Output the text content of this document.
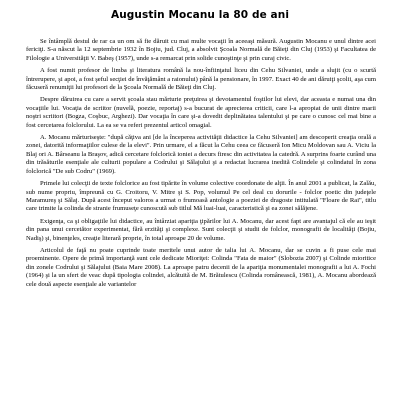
Augustin Mocanu la 80 de ani

Se întâmplă destul de rar ca un om să fie dăruit cu mai multe vocaţii în aceeaşi măsură. Augustin Mocanu e unul dintre acei fericiţi. S-a născut la 12 septembrie 1932 în Bojiu, jud. Cluj, a absolvit Şcoala Normală de Băieţi din Cluj (1953) şi Facultatea de Filologie a Universităţii V. Babeş (1957), unde s-a remarcat prin solide cunoştinţe şi prin curaj civic.

A fost numit profesor de limba şi literatura română la nou-înfiinţatul liceu din Cehu Silvaniei, unde a slujit (cu o scurtă întrerupere, şi apoi, a fost şeful secţiei de învăţământ a raionului) până la pensionare, în 1997. Exact 40 de ani dăruiţi şcolii, aşa cum făcuseră renumiţii lui profesori de la Şcoala Normală de Băieţi din Cluj.

Despre dăruirea cu care a servit şcoala stau mărturie preţuirea şi devotamentul foştilor lui elevi, dar aceasta e numai una din vocaţiile lui. Vocaţia de scriitor (nuvelă, poezie, reportaj) s-a bucurat de aprecierea criticii, care l-a apropiat de unii dintre marii noştri scriitori (Bogza, Coşbuc, Arghezi). Dar vocaţia în care şi-a dovedit deplinătatea talentului şi pe care o cunosc cel mai bine a fost cercetarea folclorului. La ea se va referi prezentul articol omagial.

A. Mocanu mărturiseşte: "după căţiva ani [de la începerea activităţii didactice la Cehu Silvaniei] am descoperit creaţia orală a zonei, datorită informaţiilor culese de la elevi". Prin urmare, el a făcut la Cehu ceea ce făcuseră Ion Micu Moldovan sau A. Viciu la Blaj ori A. Bârseanu la Braşov, adică cercetare folclorică ioniei a decurs firesc din activitatea la catedră. A surprins foarte curând una din trăsăturile esenţiale ale culturii populare a Codrului şi Sălajului şi a redactat lucrarea inedită Colindele şi colindatul în zona folclorică "De sub Codru" (1969).

Primele lui colecţii de texte folclorice au fost tipărite în volume colective coordonate de alţii. În anul 2001 a publicat, la Zalău, sub nume propriu, împreună cu G. Croitoru, V. Mitre şi S. Pop, volumul Pe cel deal cu dorurile - folclor poetic din judeţele Maramureş şi Sălaj. După acest început valoros a urmat o frumoasă antologie a poeziei de dragoste intitulată "Floare de Rai", titlu care trimite la colinda de stranie frumuseţe cunoscută sub titlul Mă luai-luai, caracteristică şi ea zonei sălăjene.

Exigenţa, ca şi obligaţiile lui didactice, au întârziat apariţia ţipărilor lui A. Mocanu, dar acest fapt are avantajul că ele au ieşit din pana unui cercetător experimentat, fără erzităţi şi complexe. Sunt colecţii şi studii de folclor, monografii de localităţi (Bojiu, Nadiş) şi, binenţeles, creaţie literară proprie, în total aproape 20 de volume.

Articolul de faţă nu poate cuprinde toate meritele unui autor de talia lui A. Mocanu, dar se cuvin a fi puse cele mai proeminente. Opere de primă importanţă sunt cele dedicate Mioriţei: Colinda "Fata de maior" (Slobozia 2007) şi Colinde mioritice din zonele Codrului şi Sălajului (Baia Mare 2008). La aproape patru decenii de la apariţia monumentalei monografii a lui A. Fochi (1964) şi la un sfert de veac după tipologia colindei, alcătuită de M. Brătulescu (Colinda românească, 1981), A. Mocanu abordează cele două aspecte esenţiale ale variantelor
